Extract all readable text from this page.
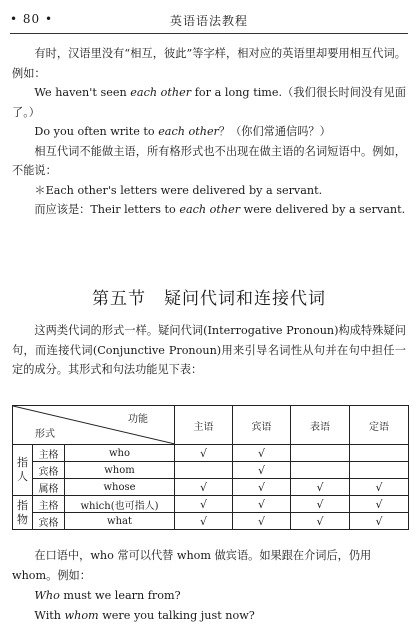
• 80 •	英语语法教程

有时，汉语里没有“相互，彼此”等字样，相对应的英语里却要用相互代词。例如：

We haven't seen each other for a long time.（我们很长时间没有见面了。）

Do you often write to each other？（你们常通信吗？）

相互代词不能做主语，所有格形式也不出现在做主语的名词短语中。例如，不能说：

＊Each other's letters were delivered by a servant.

而应该是：Their letters to each other were delivered by a servant.

第五节 疑问代词和连接代词

这两类代词的形式一样。疑问代词(Interrogative Pronoun)构成特殊疑问句，而连接代词(Conjunctive Pronoun)用来引导名词性从句并在句中担任一定的成分。其形式和句法功能见下表：

功能
形式			主语	宾语	表语	定语
指人	主格	who	√	√		
	宾格	whom		√		
	属格	whose	√	√	√	√
指物	主格	which(也可指人)	√	√	√	√
	宾格	what	√	√	√	√

在口语中，who 常可以代替 whom 做宾语。如果跟在介词后，仍用 whom。例如：

Who must we learn from?

With whom were you talking just now?
